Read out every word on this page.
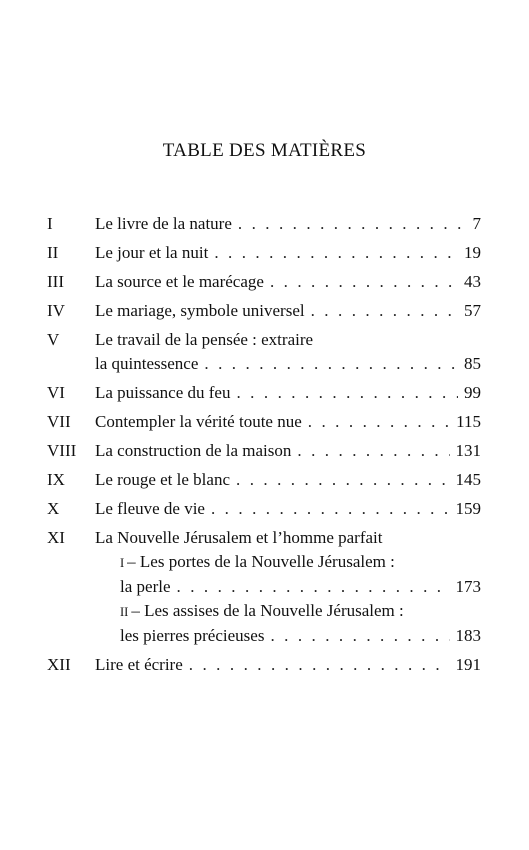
TABLE DES MATIÈRES
I Le livre de la nature . . .	7
II Le jour et la nuit . . .	19
III La source et le marécage . . .	43
IV Le mariage, symbole universel . . .	57
V Le travail de la pensée : extraire
la quintessence . . .	85
VI La puissance du feu . . .	99
VII Contempler la vérité toute nue . . .	115
VIII La construction de la maison . . .	131
IX Le rouge et le blanc . . .	145
X Le fleuve de vie . . .	159
XI La Nouvelle Jérusalem et l’homme parfait
I – Les portes de la Nouvelle Jérusalem :
la perle . . .	173
II – Les assises de la Nouvelle Jérusalem :
les pierres précieuses . . .	183
XII Lire et écrire . . .	191
